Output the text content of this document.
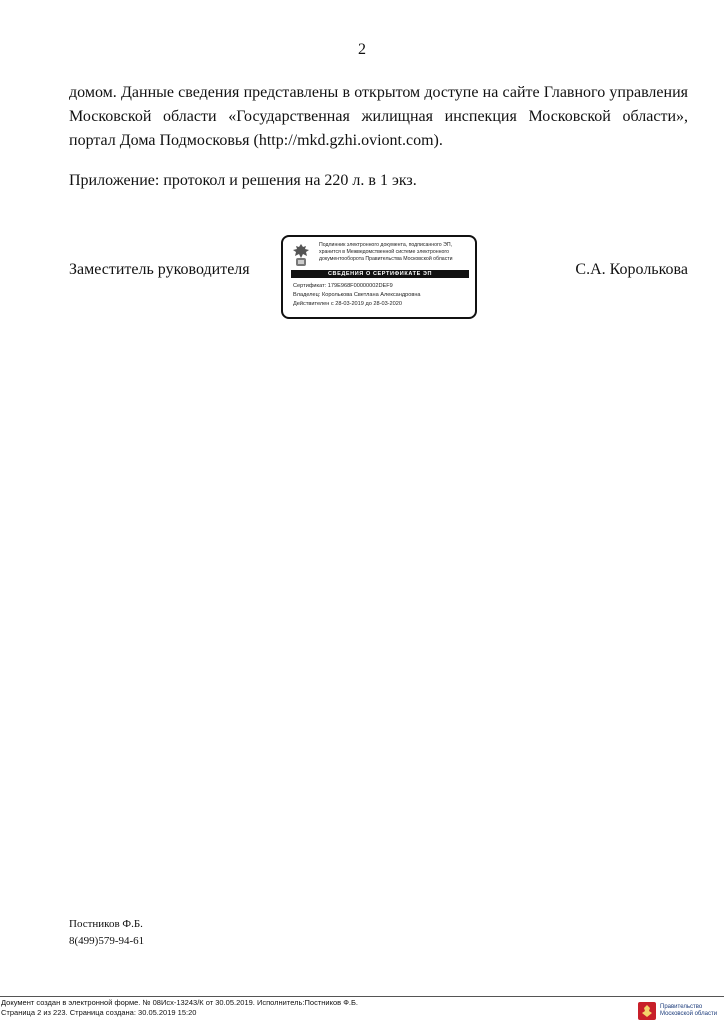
2
домом. Данные сведения представлены в открытом доступе на сайте Главного управления Московской области «Государственная жилищная инспекция Московской области», портал Дома Подмосковья (http://mkd.gzhi.oviont.com).
Приложение: протокол и решения на 220 л. в 1 экз.
Заместитель руководителя	С.А. Королькова
Подлинник электронного документа, подписанного ЭП, хранится в Межведомственной системе электронного документооборота Правительства Московской области
СВЕДЕНИЯ О СЕРТИФИКАТЕ ЭП
Сертификат: 179E968F00000002DEF9
Владелец: Королькова Светлана Александровна
Действителен с 28-03-2019 до 28-03-2020
Постников Ф.Б.
8(499)579-94-61
Документ создан в электронной форме. № 08Исх-13243/К от 30.05.2019. Исполнитель:Постников Ф.Б.
Страница 2 из 223. Страница создана: 30.05.2019 15:20
Правительство
Московской области
